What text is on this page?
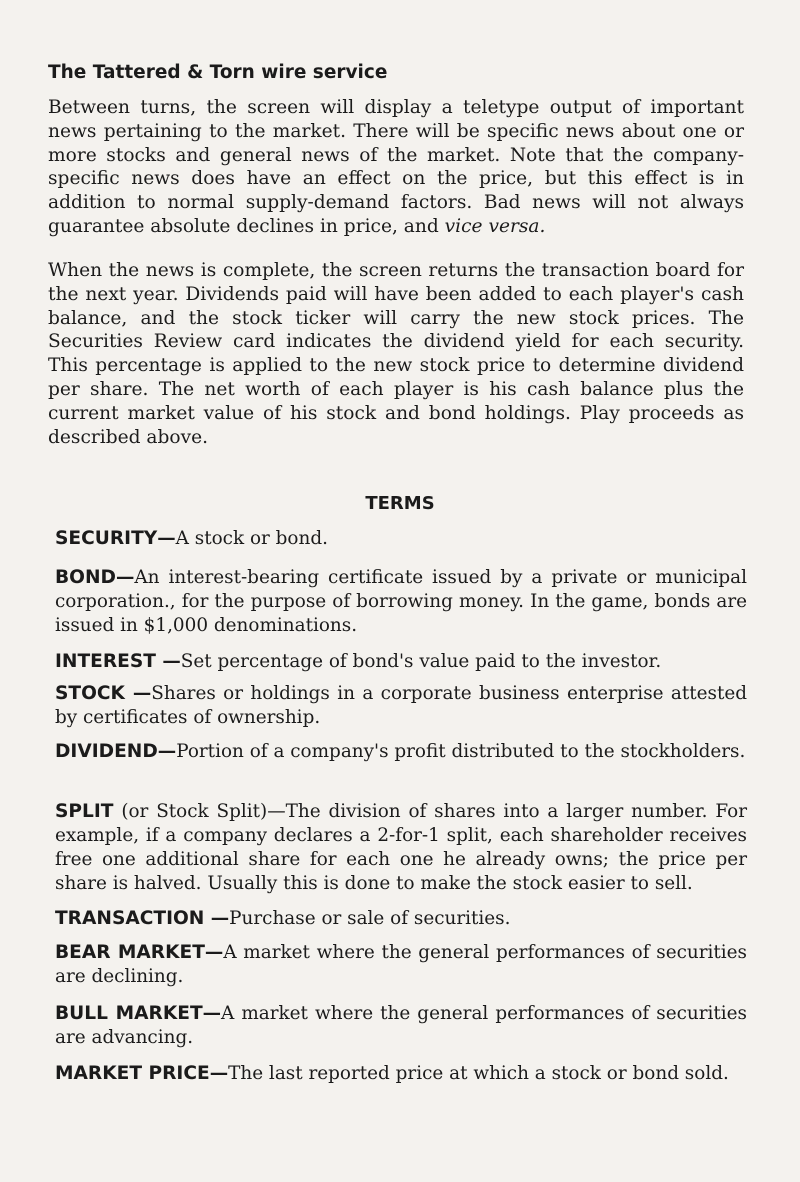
The Tattered & Torn wire service

Between turns, the screen will display a teletype output of important news pertaining to the market. There will be specific news about one or more stocks and general news of the market. Note that the company-specific news does have an effect on the price, but this effect is in addition to normal supply-demand factors. Bad news will not always guarantee absolute declines in price, and vice versa.

When the news is complete, the screen returns the transaction board for the next year. Dividends paid will have been added to each player's cash balance, and the stock ticker will carry the new stock prices. The Securities Review card indicates the dividend yield for each security. This percentage is applied to the new stock price to determine dividend per share. The net worth of each player is his cash balance plus the current market value of his stock and bond holdings. Play proceeds as described above.

TERMS

SECURITY—A stock or bond.

BOND—An interest-bearing certificate issued by a private or municipal corporation., for the purpose of borrowing money. In the game, bonds are issued in $1,000 denominations.

INTEREST —Set percentage of bond's value paid to the investor.

STOCK —Shares or holdings in a corporate business enterprise attested by certificates of ownership.

DIVIDEND—Portion of a company's profit distributed to the stockholders.

SPLIT (or Stock Split)—The division of shares into a larger number. For example, if a company declares a 2-for-1 split, each shareholder receives free one additional share for each one he already owns; the price per share is halved. Usually this is done to make the stock easier to sell.

TRANSACTION —Purchase or sale of securities.

BEAR MARKET—A market where the general performances of securities are declining.

BULL MARKET—A market where the general performances of securities are advancing.

MARKET PRICE—The last reported price at which a stock or bond sold.
